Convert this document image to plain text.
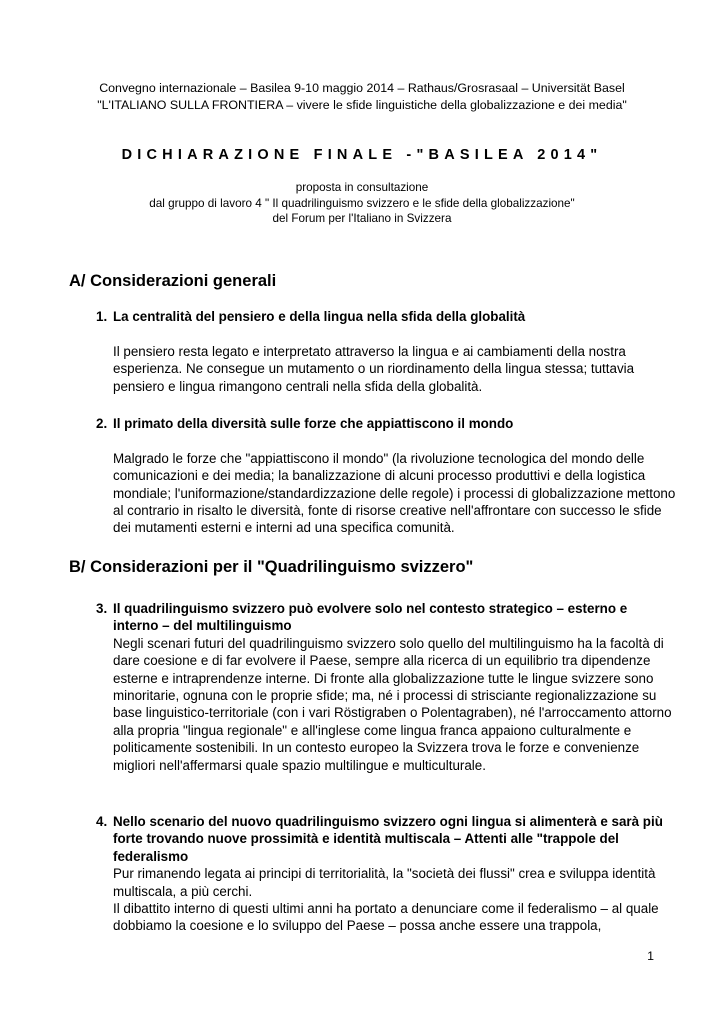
Convegno internazionale – Basilea 9-10 maggio 2014 – Rathaus/Grosrasaal – Universität Basel
"L'ITALIANO SULLA FRONTIERA – vivere le sfide linguistiche della globalizzazione e dei media"
DICHIARAZIONE FINALE -"BASILEA 2014"
proposta in consultazione
dal gruppo di lavoro 4 " Il quadrilinguismo svizzero e le sfide della globalizzazione"
del Forum per l'Italiano in Svizzera
A/ Considerazioni generali
1. La centralità del pensiero e della lingua nella sfida della globalità
Il pensiero resta legato e interpretato attraverso la lingua e ai cambiamenti della nostra esperienza. Ne consegue un mutamento o un riordinamento della lingua stessa; tuttavia pensiero e lingua rimangono centrali nella sfida della globalità.
2. Il primato della diversità sulle forze che appiattiscono il mondo
Malgrado le forze che "appiattiscono il mondo" (la rivoluzione tecnologica del mondo delle comunicazioni e dei media; la banalizzazione di alcuni processo produttivi e della logistica mondiale; l'uniformazione/standardizzazione delle regole) i processi di globalizzazione mettono al contrario in risalto le diversità, fonte di risorse creative nell'affrontare con successo le sfide dei mutamenti esterni e interni ad una specifica comunità.
B/ Considerazioni per il "Quadrilinguismo svizzero"
3. Il quadrilinguismo svizzero può evolvere solo nel contesto strategico – esterno e interno – del multilinguismo
Negli scenari futuri del quadrilinguismo svizzero solo quello del multilinguismo ha la facoltà di dare coesione e di far evolvere il Paese, sempre alla ricerca di un equilibrio tra dipendenze esterne e intraprendenze interne. Di fronte alla globalizzazione tutte le lingue svizzere sono minoritarie, ognuna con le proprie sfide; ma, né i processi di strisciante regionalizzazione su base linguistico-territoriale (con i vari Röstigraben o Polentagraben), né l'arroccamento attorno alla propria "lingua regionale" e all'inglese come lingua franca appaiono culturalmente e politicamente sostenibili. In un contesto europeo la Svizzera trova le forze e convenienze migliori nell'affermarsi quale spazio multilingue e multiculturale.
4. Nello scenario del nuovo quadrilinguismo svizzero ogni lingua si alimenterà e sarà più forte trovando nuove prossimità e identità multiscala – Attenti alle "trappole del federalismo
Pur rimanendo legata ai principi di territorialità, la "società dei flussi" crea e sviluppa identità multiscala, a più cerchi.
Il dibattito interno di questi ultimi anni ha portato a denunciare come il federalismo – al quale dobbiamo la coesione e lo sviluppo del Paese – possa anche essere una trappola,
1
